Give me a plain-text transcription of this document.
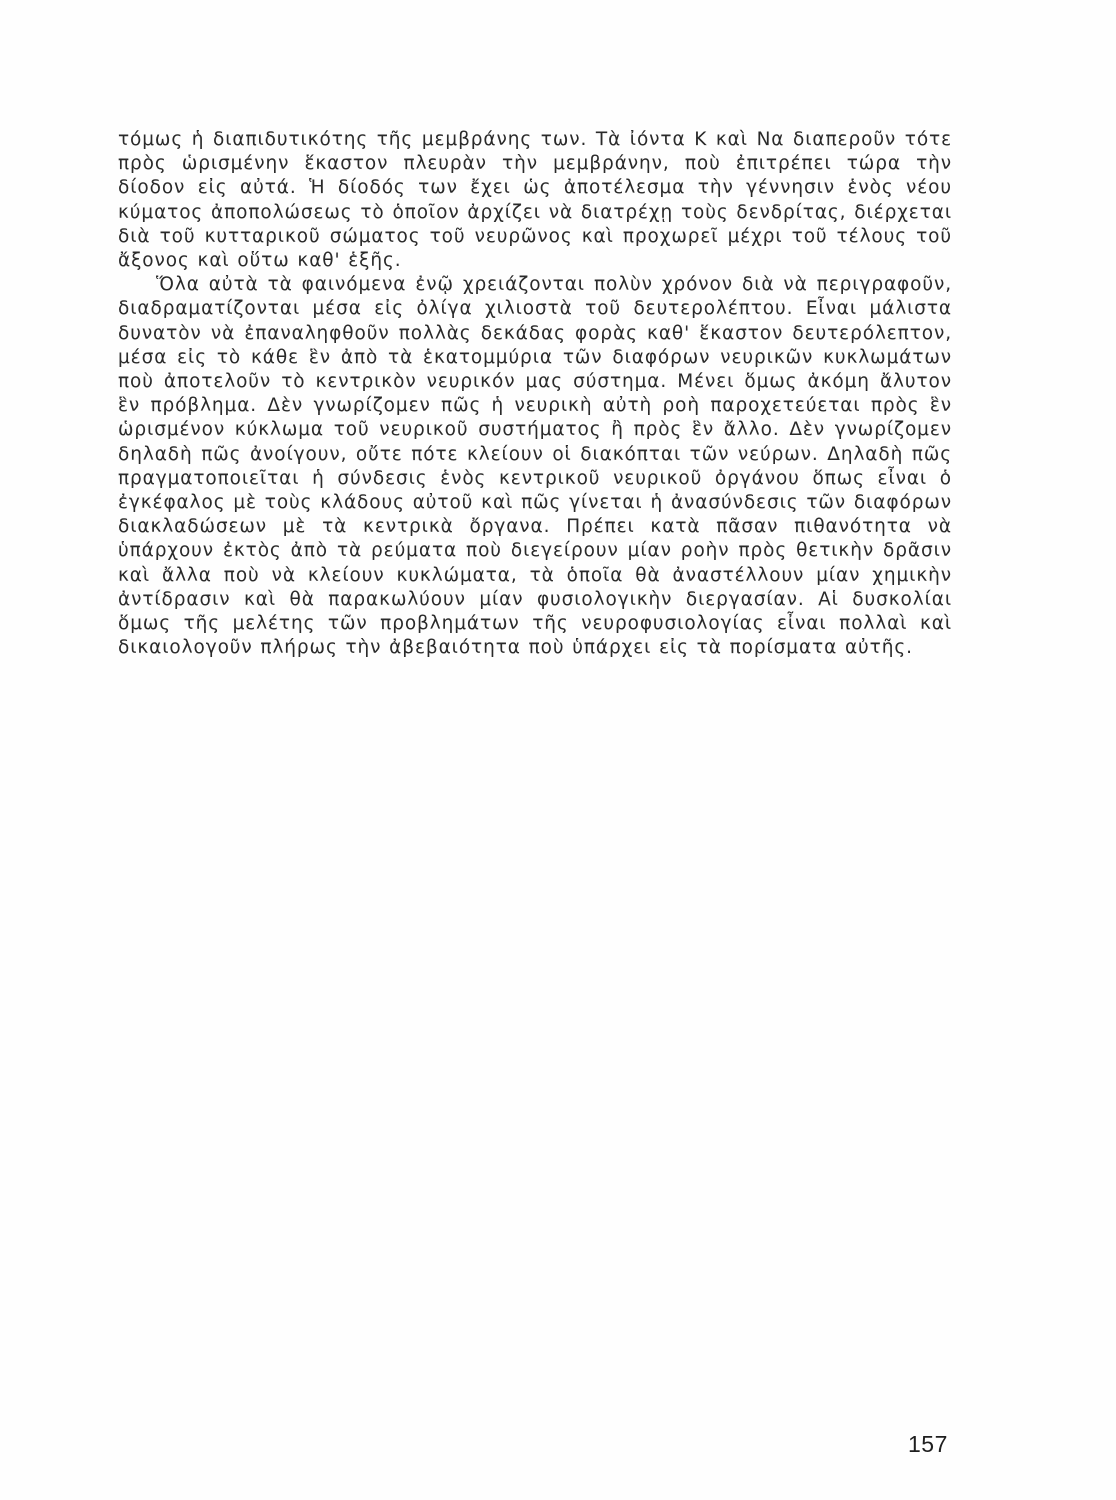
τόμως ἡ διαπιδυτικότης τῆς μεμβράνης των. Τὰ ἰόντα Κ καὶ Να διαπεροῦν τότε πρὸς ὡρισμένην ἕκαστον πλευρὰν τὴν μεμβράνην, ποὺ ἐπιτρέπει τώρα τὴν δίοδον εἰς αὐτά. Ἡ δίοδός των ἔχει ὡς ἀποτέλεσμα τὴν γέννησιν ἑνὸς νέου κύματος ἀποπολώσεως τὸ ὁποῖον ἀρχίζει νὰ διατρέχῃ τοὺς δενδρίτας, διέρχεται διὰ τοῦ κυτταρικοῦ σώματος τοῦ νευρῶνος καὶ προχωρεῖ μέχρι τοῦ τέλους τοῦ ἄξονος καὶ οὕτω καθ' ἑξῆς.

Ὅλα αὐτὰ τὰ φαινόμενα ἐνῷ χρειάζονται πολὺν χρόνον διὰ νὰ περιγραφοῦν, διαδραματίζονται μέσα εἰς ὀλίγα χιλιοστὰ τοῦ δευτερολέπτου. Εἶναι μάλιστα δυνατὸν νὰ ἐπαναληφθοῦν πολλὰς δεκάδας φορὰς καθ' ἕκαστον δευτερόλεπτον, μέσα εἰς τὸ κάθε ἓν ἀπὸ τὰ ἑκατομμύρια τῶν διαφόρων νευρικῶν κυκλωμάτων ποὺ ἀποτελοῦν τὸ κεντρικὸν νευρικόν μας σύστημα. Μένει ὅμως ἀκόμη ἄλυτον ἓν πρόβλημα. Δὲν γνωρίζομεν πῶς ἡ νευρικὴ αὐτὴ ροὴ παροχετεύεται πρὸς ἓν ὡρισμένον κύκλωμα τοῦ νευρικοῦ συστήματος ἢ πρὸς ἓν ἄλλο. Δὲν γνωρίζομεν δηλαδὴ πῶς ἀνοίγουν, οὔτε πότε κλείουν οἱ διακόπται τῶν νεύρων. Δηλαδὴ πῶς πραγματοποιεῖται ἡ σύνδεσις ἑνὸς κεντρικοῦ νευρικοῦ ὀργάνου ὅπως εἶναι ὁ ἐγκέφαλος μὲ τοὺς κλάδους αὐτοῦ καὶ πῶς γίνεται ἡ ἀνασύνδεσις τῶν διαφόρων διακλαδώσεων μὲ τὰ κεντρικὰ ὄργανα. Πρέπει κατὰ πᾶσαν πιθανότητα νὰ ὑπάρχουν ἐκτὸς ἀπὸ τὰ ρεύματα ποὺ διεγείρουν μίαν ροὴν πρὸς θετικὴν δρᾶσιν καὶ ἄλλα ποὺ νὰ κλείουν κυκλώματα, τὰ ὁποῖα θὰ ἀναστέλλουν μίαν χημικὴν ἀντίδρασιν καὶ θὰ παρακωλύουν μίαν φυσιολογικὴν διεργασίαν. Αἱ δυσκολίαι ὅμως τῆς μελέτης τῶν προβλημάτων τῆς νευροφυσιολογίας εἶναι πολλαὶ καὶ δικαιολογοῦν πλήρως τὴν ἀβεβαιότητα ποὺ ὑπάρχει εἰς τὰ πορίσματα αὐτῆς.

157
